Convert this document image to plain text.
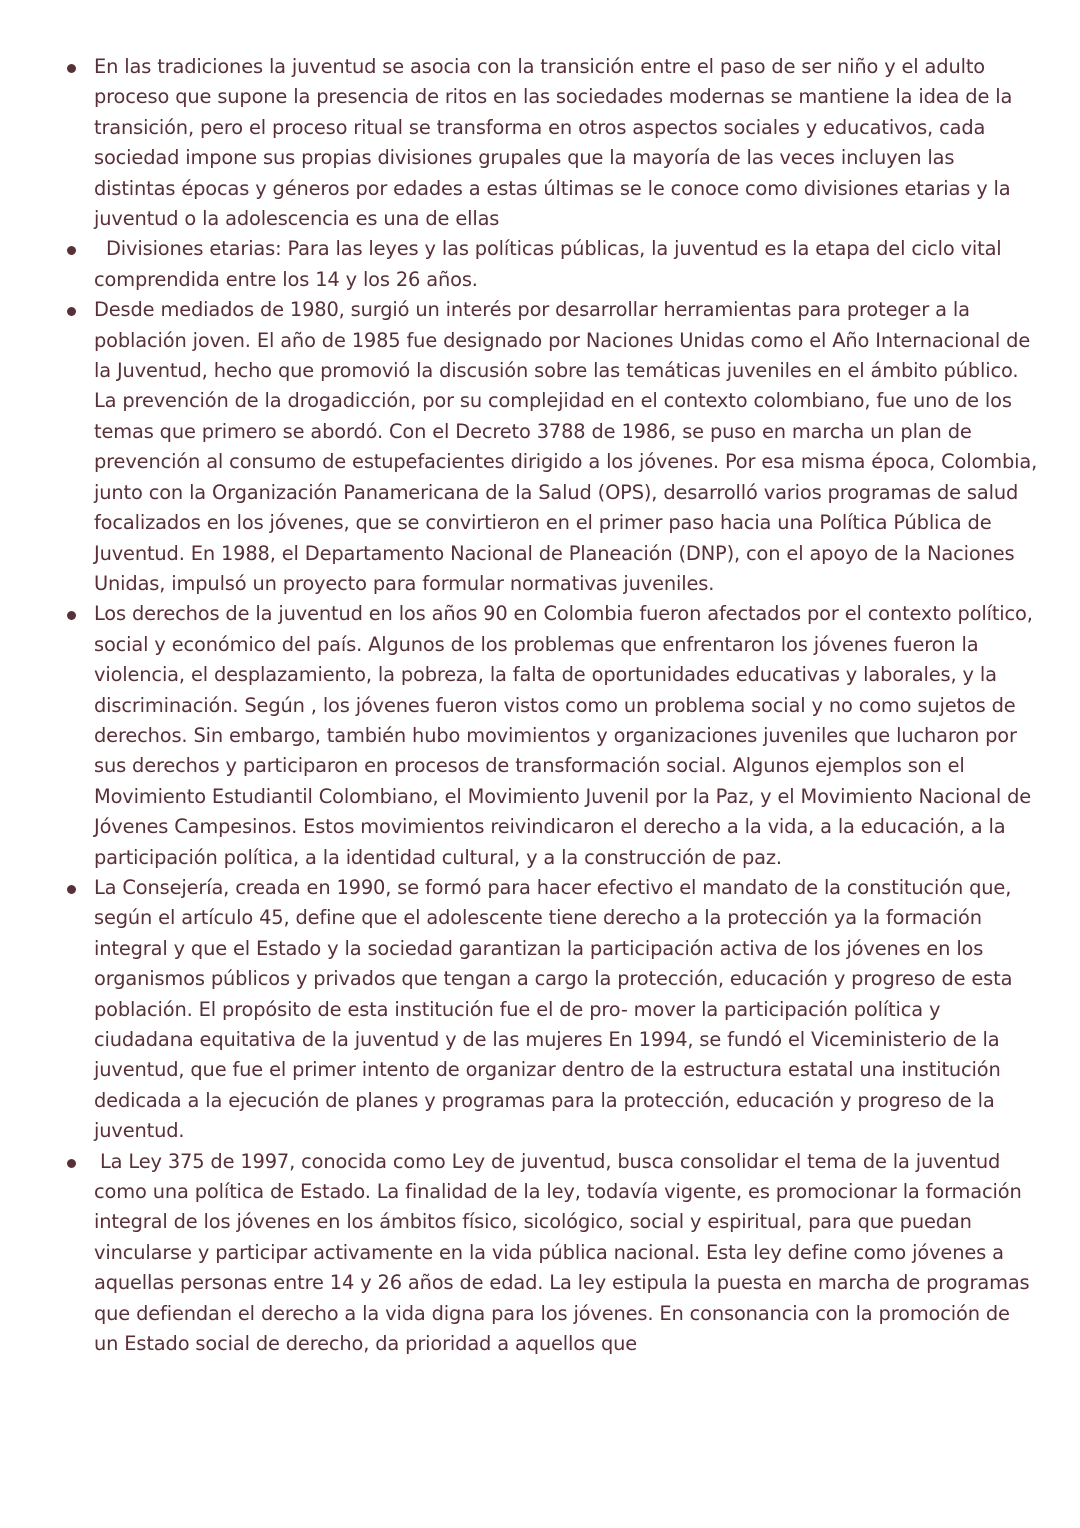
En las tradiciones la juventud se asocia con la transición entre el paso de ser niño y el adulto proceso que supone la presencia de ritos en las sociedades modernas se mantiene la idea de la transición, pero el proceso ritual se transforma en otros aspectos sociales y educativos, cada sociedad impone sus propias divisiones grupales que la mayoría de las veces incluyen las distintas épocas y géneros por edades a estas últimas se le conoce como divisiones etarias y la juventud o la adolescencia es una de ellas
Divisiones etarias: Para las leyes y las políticas públicas, la juventud es la etapa del ciclo vital comprendida entre los 14 y los 26 años.
Desde mediados de 1980, surgió un interés por desarrollar herramientas para proteger a la población joven. El año de 1985 fue designado por Naciones Unidas como el Año Internacional de la Juventud, hecho que promovió la discusión sobre las temáticas juveniles en el ámbito público. La prevención de la drogadicción, por su complejidad en el contexto colombiano, fue uno de los temas que primero se abordó. Con el Decreto 3788 de 1986, se puso en marcha un plan de prevención al consumo de estupefacientes dirigido a los jóvenes. Por esa misma época, Colombia, junto con la Organización Panamericana de la Salud (OPS), desarrolló varios programas de salud focalizados en los jóvenes, que se convirtieron en el primer paso hacia una Política Pública de Juventud. En 1988, el Departamento Nacional de Planeación (DNP), con el apoyo de la Naciones Unidas, impulsó un proyecto para formular normativas juveniles.
Los derechos de la juventud en los años 90 en Colombia fueron afectados por el contexto político, social y económico del país. Algunos de los problemas que enfrentaron los jóvenes fueron la violencia, el desplazamiento, la pobreza, la falta de oportunidades educativas y laborales, y la discriminación. Según , los jóvenes fueron vistos como un problema social y no como sujetos de derechos. Sin embargo, también hubo movimientos y organizaciones juveniles que lucharon por sus derechos y participaron en procesos de transformación social. Algunos ejemplos son el Movimiento Estudiantil Colombiano, el Movimiento Juvenil por la Paz, y el Movimiento Nacional de Jóvenes Campesinos. Estos movimientos reivindicaron el derecho a la vida, a la educación, a la participación política, a la identidad cultural, y a la construcción de paz.
La Consejería, creada en 1990, se formó para hacer efectivo el mandato de la constitución que, según el artículo 45, define que el adolescente tiene derecho a la protección ya la formación integral y que el Estado y la sociedad garantizan la participación activa de los jóvenes en los organismos públicos y privados que tengan a cargo la protección, educación y progreso de esta población. El propósito de esta institución fue el de pro- mover la participación política y ciudadana equitativa de la juventud y de las mujeres En 1994, se fundó el Viceministerio de la juventud, que fue el primer intento de organizar dentro de la estructura estatal una institución dedicada a la ejecución de planes y programas para la protección, educación y progreso de la juventud.
La Ley 375 de 1997, conocida como Ley de juventud, busca consolidar el tema de la juventud como una política de Estado. La finalidad de la ley, todavía vigente, es promocionar la formación integral de los jóvenes en los ámbitos físico, sicológico, social y espiritual, para que puedan vincularse y participar activamente en la vida pública nacional. Esta ley define como jóvenes a aquellas personas entre 14 y 26 años de edad. La ley estipula la puesta en marcha de programas que defiendan el derecho a la vida digna para los jóvenes. En consonancia con la promoción de un Estado social de derecho, da prioridad a aquellos que
